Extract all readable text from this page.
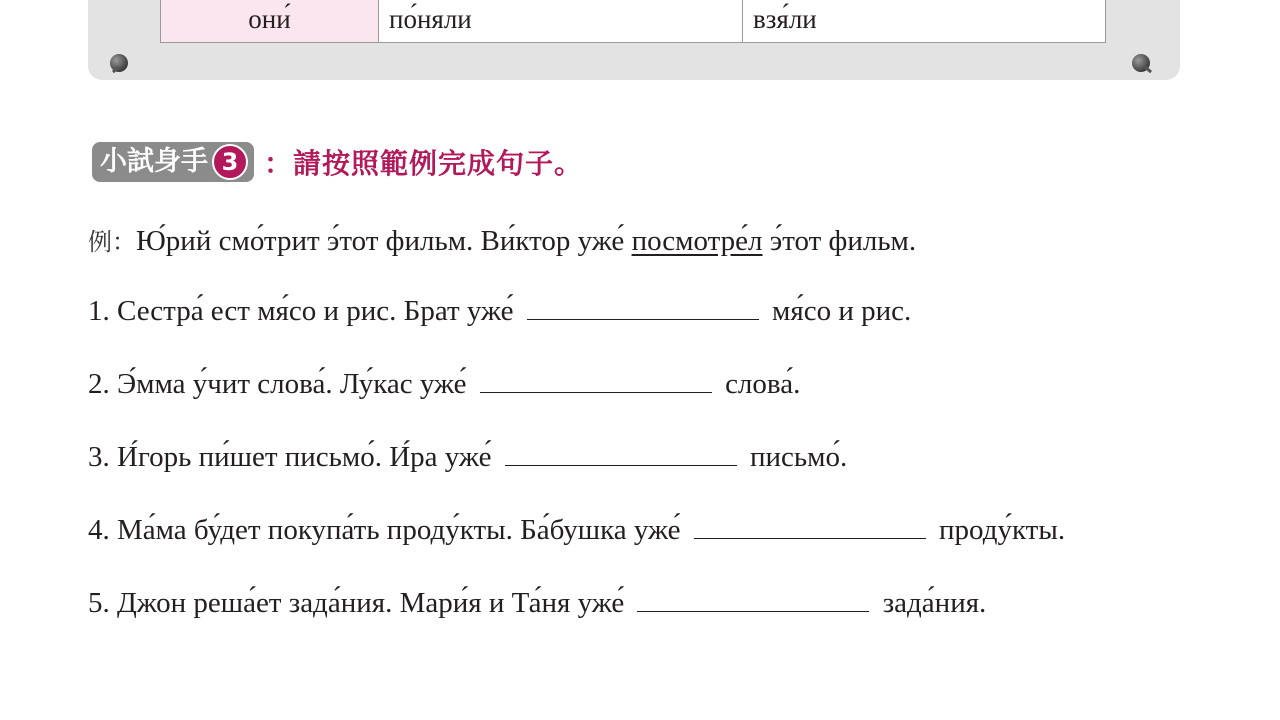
они́	по́няли	взя́ли
小試身手 3 ：請按照範例完成句子。
例：Ю́рий смо́трит э́тот фильм. Ви́ктор уже́ посмотре́л э́тот фильм.
1. Сестра́ ест мя́со и рис. Брат уже́	мя́со и рис.
2. Э́мма у́чит слова́. Лу́кас уже́	слова́.
3. И́горь пи́шет письмо́. И́ра уже́	письмо́.
4. Ма́ма бу́дет покупа́ть проду́кты. Ба́бушка уже́	проду́кты.
5. Джон реша́ет зада́ния. Мари́я и Та́ня уже́	зада́ния.
